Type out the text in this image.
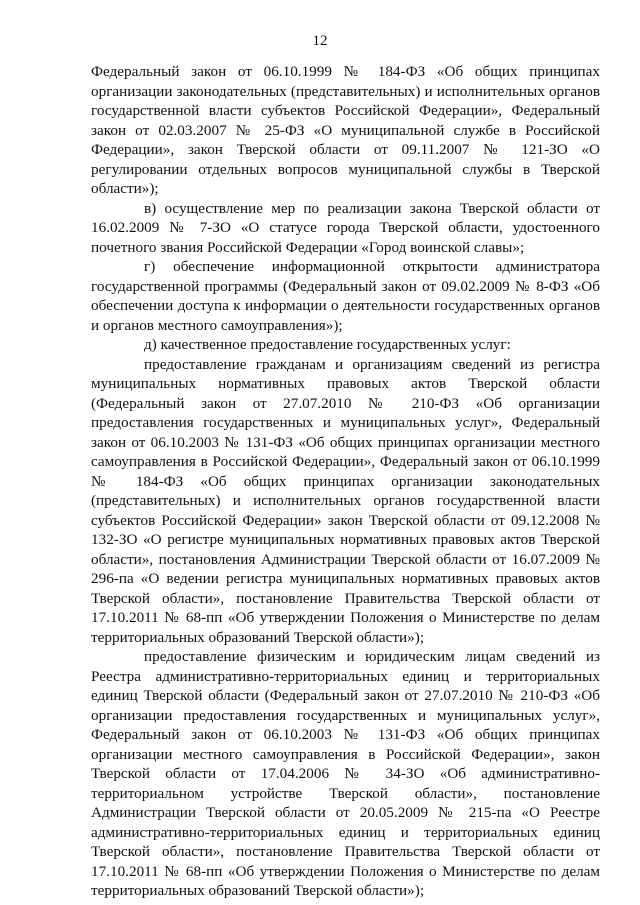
12

Федеральный закон от 06.10.1999 № 184-ФЗ «Об общих принципах организации законодательных (представительных) и исполнительных органов государственной власти субъектов Российской Федерации», Федеральный закон от 02.03.2007 № 25-ФЗ «О муниципальной службе в Российской Федерации», закон Тверской области от 09.11.2007 № 121-ЗО «О регулировании отдельных вопросов муниципальной службы в Тверской области»);

в) осуществление мер по реализации закона Тверской области от 16.02.2009 № 7-ЗО «О статусе города Тверской области, удостоенного почетного звания Российской Федерации «Город воинской славы»;

г) обеспечение информационной открытости администратора государственной программы (Федеральный закон от 09.02.2009 № 8-ФЗ «Об обеспечении доступа к информации о деятельности государственных органов и органов местного самоуправления»);

д) качественное предоставление государственных услуг:

предоставление гражданам и организациям сведений из регистра муниципальных нормативных правовых актов Тверской области (Федеральный закон от 27.07.2010 № 210-ФЗ «Об организации предоставления государственных и муниципальных услуг», Федеральный закон от 06.10.2003 № 131-ФЗ «Об общих принципах организации местного самоуправления в Российской Федерации», Федеральный закон от 06.10.1999 № 184-ФЗ «Об общих принципах организации законодательных (представительных) и исполнительных органов государственной власти субъектов Российской Федерации» закон Тверской области от 09.12.2008 № 132-ЗО «О регистре муниципальных нормативных правовых актов Тверской области», постановления Администрации Тверской области от 16.07.2009 № 296-па «О ведении регистра муниципальных нормативных правовых актов Тверской области», постановление Правительства Тверской области от 17.10.2011 № 68-пп «Об утверждении Положения о Министерстве по делам территориальных образований Тверской области»);

предоставление физическим и юридическим лицам сведений из Реестра административно-территориальных единиц и территориальных единиц Тверской области (Федеральный закон от 27.07.2010 № 210-ФЗ «Об организации предоставления государственных и муниципальных услуг», Федеральный закон от 06.10.2003 № 131-ФЗ «Об общих принципах организации местного самоуправления в Российской Федерации», закон Тверской области от 17.04.2006 № 34-ЗО «Об административно-территориальном устройстве Тверской области», постановление Администрации Тверской области от 20.05.2009 № 215-па «О Реестре административно-территориальных единиц и территориальных единиц Тверской области», постановление Правительства Тверской области от 17.10.2011 № 68-пп «Об утверждении Положения о Министерстве по делам территориальных образований Тверской области»);
